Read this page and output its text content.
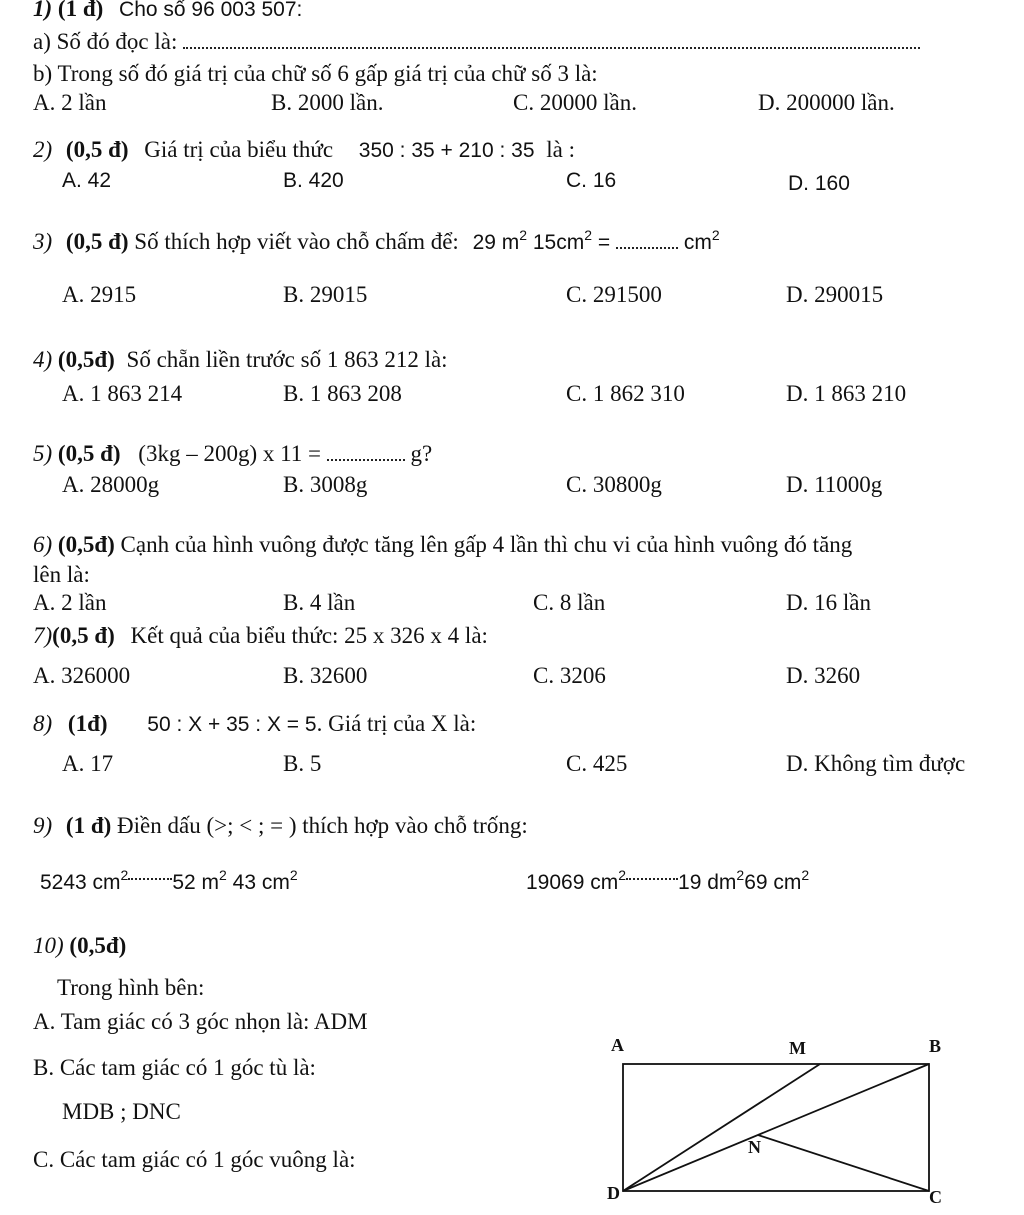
1) (1 đ) Cho số 96 003 507:
a) Số đó đọc là:
b) Trong số đó giá trị của chữ số 6 gấp giá trị của chữ số 3 là:
A. 2 lần	B. 2000 lần.	C. 20000 lần.	D. 200000 lần.
2) (0,5 đ) Giá trị của biểu thức 350 : 35 + 210 : 35 là :
A. 42	B. 420	C. 16	D. 160
3) (0,5 đ) Số thích hợp viết vào chỗ chấm để: 29 $m^2$ $15cm^2$ =	$cm^2$
A. 2915	B. 29015	C. 291500	D. 290015
4) (0,5đ) Số chẵn liền trước số 1 863 212 là:
A. 1 863 214	B. 1 863 208	C. 1 862 310	D. 1 863 210
5) (0,5 đ) (3kg – 200g) x 11 =	g?
A. 28000g	B. 3008g	C. 30800g	D. 11000g
6) (0,5đ) Cạnh của hình vuông được tăng lên gấp 4 lần thì chu vi của hình vuông đó tăng
lên là:
A. 2 lần	B. 4 lần	C. 8 lần	D. 16 lần
7)(0,5 đ) Kết quả của biểu thức: 25 x 326 x 4 là:
A. 326000	B. 32600	C. 3206	D. 3260
8) (1đ) 50 : X + 35 : X = 5. Giá trị của X là:
A. 17	B. 5	C. 425	D. Không tìm được
9) (1 đ) Điền dấu (>; < ; = ) thích hợp vào chỗ trống:
5243 $cm^2$ 52 $m^2$ 43 $cm^2$	19069 $cm^2$ 19 $dm^269$ $cm^2$
10) (0,5đ)
Trong hình bên:
A. Tam giác có 3 góc nhọn là: ADM
B. Các tam giác có 1 góc tù là:
MDB ; DNC
C. Các tam giác có 1 góc vuông là:
A	M	B
N
D	C
